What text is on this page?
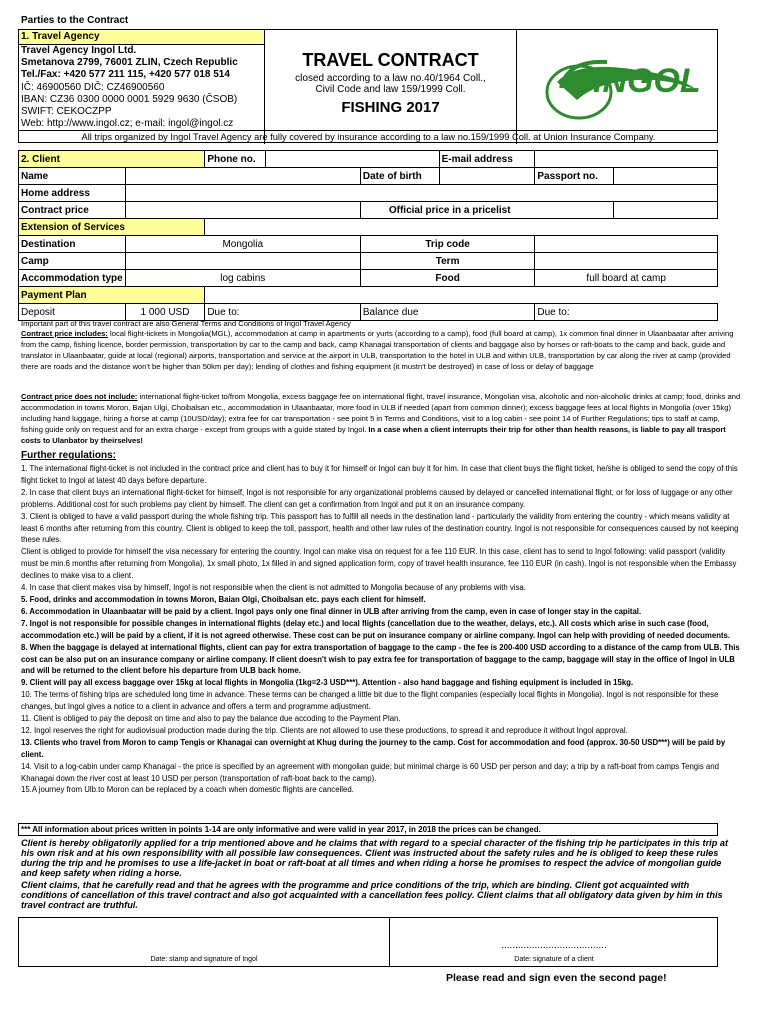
Parties to the Contract
1. Travel Agency
Travel Agency Ingol Ltd.
Smetanova 2799, 76001 ZLIN, Czech Republic
Tel./Fax: +420 577 211 115, +420 577 018 514
IČ: 46900560 DIČ: CZ46900560
IBAN: CZ36 0300 0000 0001 5929 9630 (ČSOB)
SWIFT: CEKOCZPP
Web: http://www.ingol.cz; e-mail: ingol@ingol.cz
TRAVEL CONTRACT
closed according to a law no.40/1964 Coll.,
Civil Code and law 159/1999 Coll.
FISHING 2017
INGOL
All trips organized by Ingol Travel Agency are fully covered by insurance according to a law no.159/1999 Coll. at Union Insurance Company.
2. Client		Phone no.			E-mail address		
Name				Date of birth		Passport no.	
Home address							
Contract price				Official price in a pricelist			
Extension of Services							
Destination	Mongolia			Trip code			
Camp				Term			
Accommodation type	log cabins			Food		full board at camp	
Payment Plan							
Deposit	1 000 USD	Due to:		Balance due		Due to:	
Important part of this travel contract are also General Terms and Conditions of Ingol Travel Agency
Contract price includes: local flight-tickets in Mongolia(MGL), accommodation at camp in apartments or yurts (according to a camp), food (full board at camp), 1x common final dinner in Ulaanbaatar after arriving from the camp, fishing licence, border permission, transportation by car to the camp and back, camp Khanagai transportation of clients and baggage also by horses or raft-boats to the camp and back, guide and translator in Ulaanbaatar, guide at local (regional) airports, transportation and service at the airport in ULB, transportation to the hotel in ULB and within ULB, transportation by car along the river at camp (provided there are roads and the distance won't be higher than 50km per day); lending of clothes and fishing equipment (it mustn't be destroyed) in case of loss or delay of baggage
Contract price does not include: international flight-ticket to/from Mongolia, excess baggage fee on international flight, travel insurance, Mongolian visa, alcoholic and non-alcoholic drinks at camp; food, drinks and accommodation in towns Moron, Bajan Ulgi, Choibalsan etc., accommodation in Ulaanbaatar, more food in ULB if needed (apart from common dinner); excess baggage fees at local flights in Mongolia (over 15kg) including hand luggage, hiring a horse at camp (10USD/day); extra fee for car transportation - see point 5 in Terms and Conditions, visit to a log cabin - see point 14 of Further Regulations; tips to staff at camp, fishing guide only on request and for an extra charge - except from groups with a guide stated by Ingol. In a case when a client interrupts their trip for other than health reasons, is liable to pay all trasport costs to Ulanbator by theirselves!
Further regulations:
1. The international flight-ticket is not included in the contract price and client has to buy it for himself or Ingol can buy it for him. In case that client buys the flight ticket, he/she is obliged to send the copy of this flight ticket to Ingol at latest 40 days before departure.
2. In case that client buys an international flight-ticket for himself, Ingol is not responsible for any organizational problems caused by delayed or cancelled international flight, or for loss of luggage or any other problems. Additional cost for such problems pay client by himself. The client can get a confirmation from Ingol and put it on an insurance company.
3. Client is obliged to have a valid passport during the whole fishing trip. This passport has to fulfill all needs in the destination land - particularly the validity from entering the country - which means validity at least 6 months after returning from this country. Client is obliged to keep the toll, passport, health and other law rules of the destination country. Ingol is not responsible for consequences caused by not keeping these rules.
Client is obliged to provide for himself the visa necessary for entering the country. Ingol can make visa on request for a fee 110 EUR. In this case, client has to send to Ingol following: valid passport (validity must be min.6 months after returning from Mongolia), 1x small photo, 1x filled in and signed application form, copy of travel health insurance, fee 110 EUR (in cash). Ingol is not responsible when the Embassy declines to make visa to a client.
4. In case that client makes visa by himself, Ingol is not responsible when the client is not admitted to Mongolia because of any problems with visa.
5. Food, drinks and accommodation in towns Moron, Baian Olgi, Choibalsan etc. pays each client for himself.
6. Accommodation in Ulaanbaatar will be paid by a client. Ingol pays only one final dinner in ULB after arriving from the camp, even in case of longer stay in the capital.
7. Ingol is not responsible for possible changes in international flights (delay etc.) and local flights (cancellation due to the weather, delays, etc.). All costs which arise in such case (food, accommodation etc.) will be paid by a client, if it is not agreed otherwise. These cost can be put on insurance company or airline company. Ingol can help with providing of needed documents.
8. When the baggage is delayed at international flights, client can pay for extra transportation of baggage to the camp - the fee is 200-400 USD according to a distance of the camp from ULB. This cost can be also put on an insurance company or airline company. If client doesn't wish to pay extra fee for transportation of baggage to the camp, baggage will stay in the office of Ingol in ULB and will be returned to the client before his departure from ULB back home.
9. Client will pay all excess baggage over 15kg at local flights in Mongolia (1kg=2-3 USD***). Attention - also hand baggage and fishing equipment is included in 15kg.
10. The terms of fishing trips are scheduled long time in advance. These terms can be changed a little bit due to the flight companies (especially local flights in Mongolia). Ingol is not responsible for these changes, but Ingol gives a notice to a client in advance and offers a term and programme adjustment.
11. Client is obliged to pay the deposit on time and also to pay the balance due accoding to the Payment Plan.
12. Ingol reserves the right for audiovisual production made during the trip. Clients are not allowed to use these productions, to spread it and reproduce it without Ingol approval.
13. Clients who travel from Moron to camp Tengis or Khanagai can overnight at Khug during the journey to the camp. Cost for accommodation and food (approx. 30-50 USD***) will be paid by client.
14. Visit to a log-cabin under camp Khanagai - the price is specified by an agreement with mongolian guide; but minimal charge is 60 USD per person and day; a trip by a raft-boat from camps Tengis and Khanagai down the river cost at least 10 USD per person (transportation of raft-boat back to the camp).
15.A journey from Ulb.to Moron can be replaced by a coach when domestic flights are cancelled.
*** All information about prices written in points 1-14 are only informative and were valid in year 2017, in 2018 the prices can be changed.
Client is hereby obligatorily applied for a trip mentioned above and he claims that with regard to a special character of the fishing trip he participates in this trip at his own risk and at his own responsibility with all possible law consequences. Client was instructed about the safety rules and he is obliged to keep these rules during the trip and he promises to use a life-jacket in boat or raft-boat at all times and when riding a horse he promises to respect the advice of mongolian guide and keep safety when riding a horse.
Client claims, that he carefully read and that he agrees with the programme and price conditions of the trip, which are binding. Client got acquainted with conditions of cancellation of this travel contract and also got acquainted with a cancellation fees policy. Client claims that all obligatory data given by him in this travel contract are truthful.
Date: stamp and signature of Ingol
......................................
Date: signature of a client
Please read and sign even the second page!
